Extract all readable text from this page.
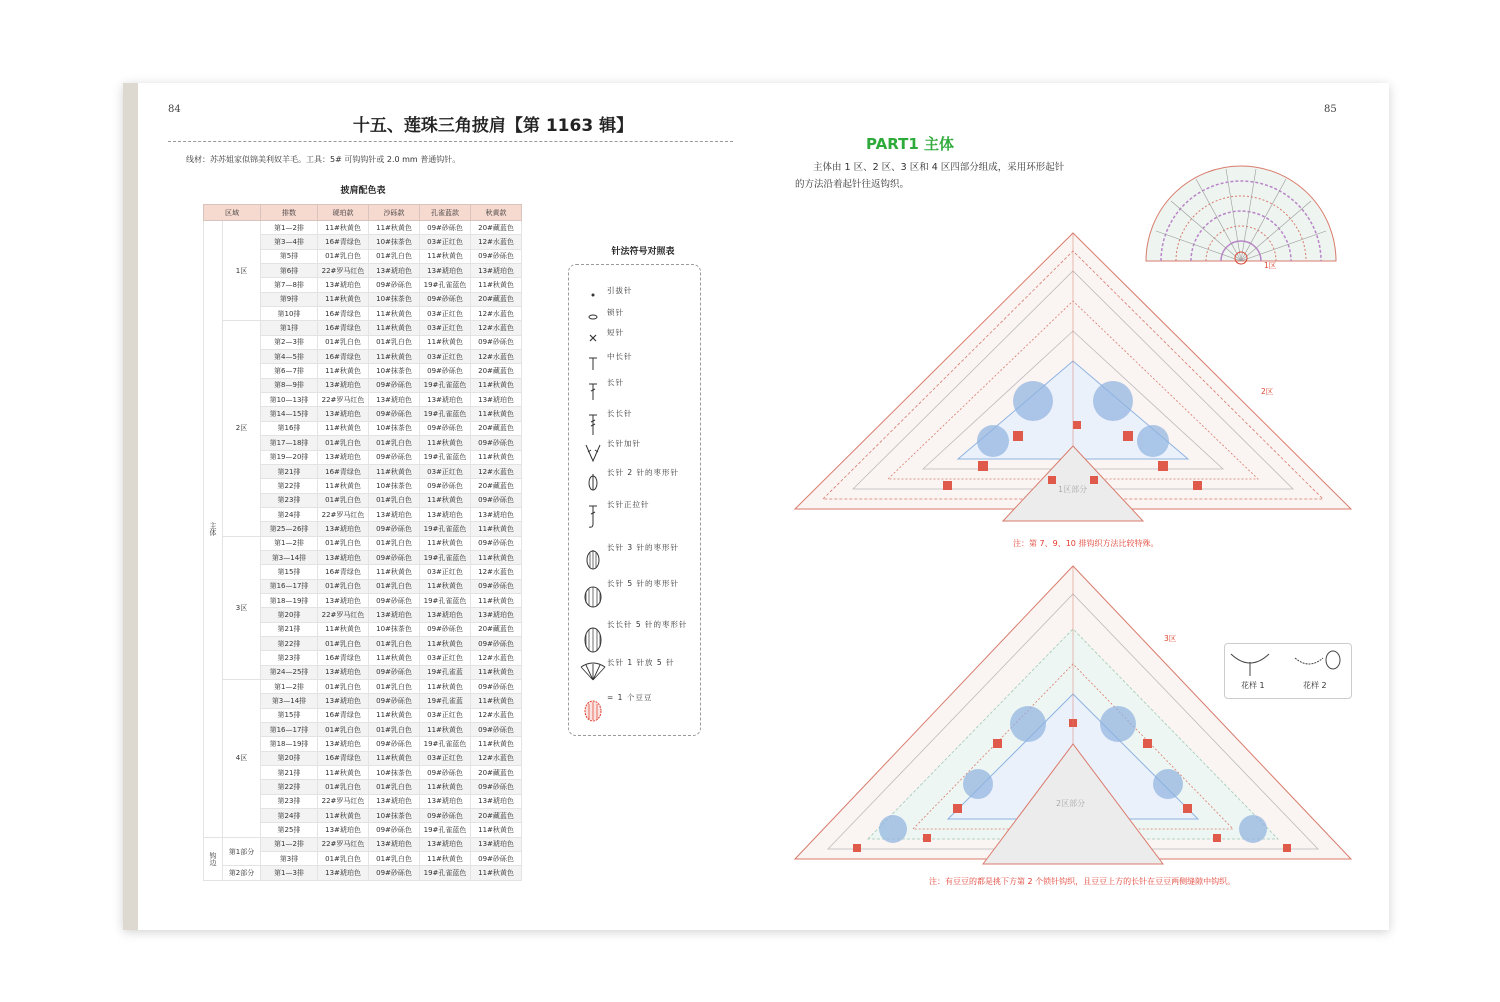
84
十五、莲珠三角披肩【第 1163 辑】
线材：苏苏姐家似锦美利奴羊毛。工具：5# 可钩钩针或 2.0 mm 普通钩针。
披肩配色表
区域		排数	琥珀款	沙砾款	孔雀蓝款	秋黄款
主体	1区	第1—2排	11#秋黄色	11#秋黄色	09#砂砾色	20#藏蓝色
		第3—4排	16#青绿色	10#抹茶色	03#正红色	12#水蓝色
		第5排	01#乳白色	01#乳白色	11#秋黄色	09#砂砾色
		第6排	22#罗马红色	13#琥珀色	13#琥珀色	13#琥珀色
		第7—8排	13#琥珀色	09#砂砾色	19#孔雀蓝色	11#秋黄色
		第9排	11#秋黄色	10#抹茶色	09#砂砾色	20#藏蓝色
		第10排	16#青绿色	11#秋黄色	03#正红色	12#水蓝色
	2区	第1排	16#青绿色	11#秋黄色	03#正红色	12#水蓝色
		第2—3排	01#乳白色	01#乳白色	11#秋黄色	09#砂砾色
		第4—5排	16#青绿色	11#秋黄色	03#正红色	12#水蓝色
		第6—7排	11#秋黄色	10#抹茶色	09#砂砾色	20#藏蓝色
		第8—9排	13#琥珀色	09#砂砾色	19#孔雀蓝色	11#秋黄色
		第10—13排	22#罗马红色	13#琥珀色	13#琥珀色	13#琥珀色
		第14—15排	13#琥珀色	09#砂砾色	19#孔雀蓝色	11#秋黄色
		第16排	11#秋黄色	10#抹茶色	09#砂砾色	20#藏蓝色
		第17—18排	01#乳白色	01#乳白色	11#秋黄色	09#砂砾色
		第19—20排	13#琥珀色	09#砂砾色	19#孔雀蓝色	11#秋黄色
		第21排	16#青绿色	11#秋黄色	03#正红色	12#水蓝色
		第22排	11#秋黄色	10#抹茶色	09#砂砾色	20#藏蓝色
		第23排	01#乳白色	01#乳白色	11#秋黄色	09#砂砾色
		第24排	22#罗马红色	13#琥珀色	13#琥珀色	13#琥珀色
		第25—26排	13#琥珀色	09#砂砾色	19#孔雀蓝色	11#秋黄色
	3区	第1—2排	01#乳白色	01#乳白色	11#秋黄色	09#砂砾色
		第3—14排	13#琥珀色	09#砂砾色	19#孔雀蓝色	11#秋黄色
		第15排	16#青绿色	11#秋黄色	03#正红色	12#水蓝色
		第16—17排	01#乳白色	01#乳白色	11#秋黄色	09#砂砾色
		第18—19排	13#琥珀色	09#砂砾色	19#孔雀蓝色	11#秋黄色
		第20排	22#罗马红色	13#琥珀色	13#琥珀色	13#琥珀色
		第21排	11#秋黄色	10#抹茶色	09#砂砾色	20#藏蓝色
		第22排	01#乳白色	01#乳白色	11#秋黄色	09#砂砾色
		第23排	16#青绿色	11#秋黄色	03#正红色	12#水蓝色
		第24—25排	13#琥珀色	09#砂砾色	19#孔雀蓝	11#秋黄色
	4区	第1—2排	01#乳白色	01#乳白色	11#秋黄色	09#砂砾色
		第3—14排	13#琥珀色	09#砂砾色	19#孔雀蓝	11#秋黄色
		第15排	16#青绿色	11#秋黄色	03#正红色	12#水蓝色
		第16—17排	01#乳白色	01#乳白色	11#秋黄色	09#砂砾色
		第18—19排	13#琥珀色	09#砂砾色	19#孔雀蓝色	11#秋黄色
		第20排	16#青绿色	11#秋黄色	03#正红色	12#水蓝色
		第21排	11#秋黄色	10#抹茶色	09#砂砾色	20#藏蓝色
		第22排	01#乳白色	01#乳白色	11#秋黄色	09#砂砾色
		第23排	22#罗马红色	13#琥珀色	13#琥珀色	13#琥珀色
		第24排	11#秋黄色	10#抹茶色	09#砂砾色	20#藏蓝色
		第25排	13#琥珀色	09#砂砾色	19#孔雀蓝色	11#秋黄色
钩边	第1部分	第1—2排	22#罗马红色	13#琥珀色	13#琥珀色	13#琥珀色
		第3排	01#乳白色	01#乳白色	11#秋黄色	09#砂砾色
	第2部分	第1—3排	13#琥珀色	09#砂砾色	19#孔雀蓝色	11#秋黄色
针法符号对照表
引拔针
锁针
短针
中长针
长针
长长针
长针加针
长针 2 针的枣形针
长针正拉针
长针 3 针的枣形针
长针 5 针的枣形针
长长针 5 针的枣形针
长针 1 针放 5 针
= 1 个豆豆
85
PART1 主体
主体由 1 区、2 区、3 区和 4 区四部分组成，采用环形起针的方法沿着起针往返钩织。
1区
2区
1区部分
注：第 7、9、10 排钩织方法比较特殊。
3区
2区部分
花样 1	花样 2
注：有豆豆的都是挑下方第 2 个锁针钩织，且豆豆上方的长针在豆豆两侧缝隙中钩织。
